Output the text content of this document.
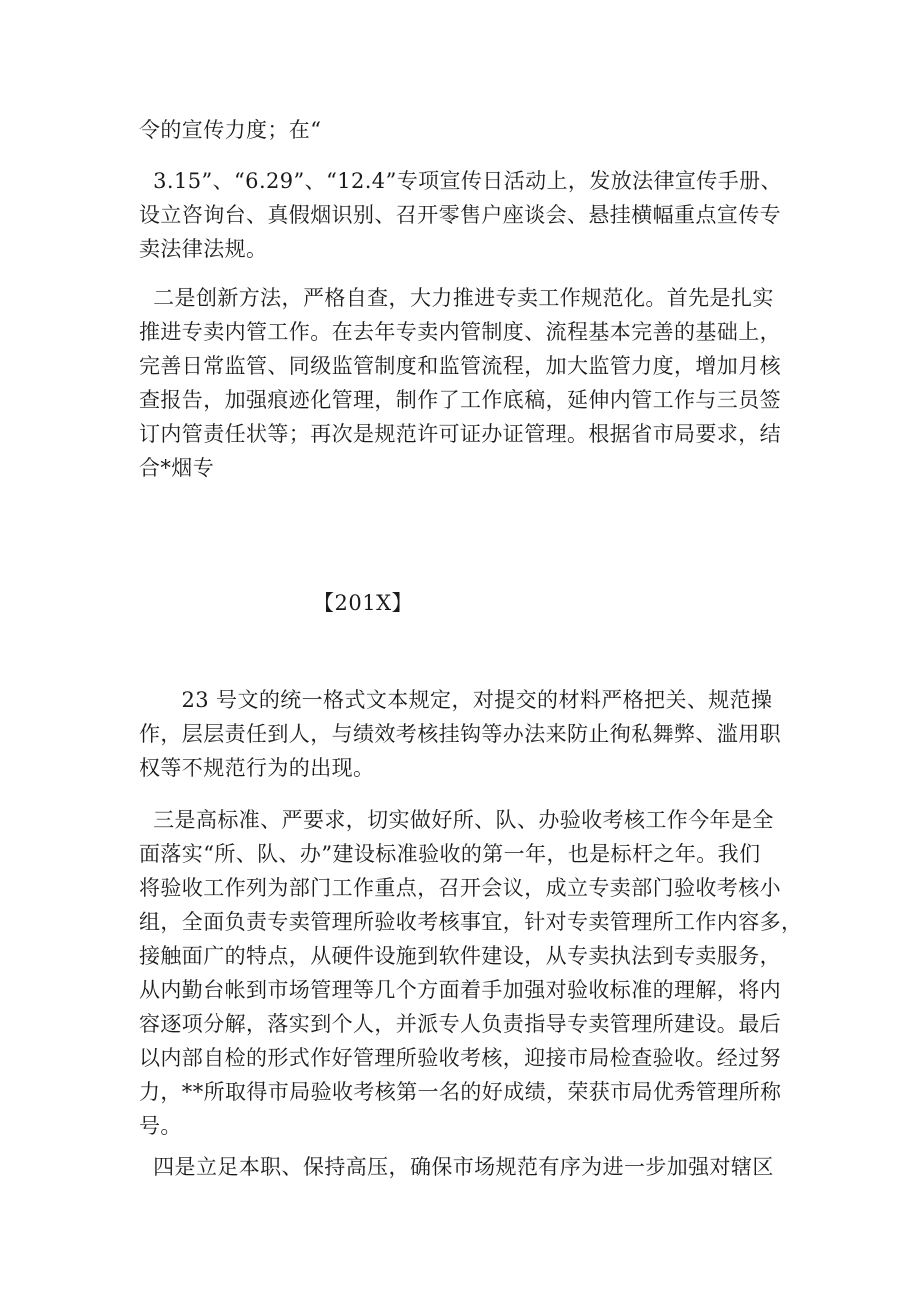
令的宣传力度；在“

3.15”、“6.29”、“12.4”专项宣传日活动上，发放法律宣传手册、
设立咨询台、真假烟识别、召开零售户座谈会、悬挂横幅重点宣传专
卖法律法规。

二是创新方法，严格自查，大力推进专卖工作规范化。首先是扎实
推进专卖内管工作。在去年专卖内管制度、流程基本完善的基础上，
完善日常监管、同级监管制度和监管流程，加大监管力度，增加月核
查报告，加强痕迹化管理，制作了工作底稿，延伸内管工作与三员签
订内管责任状等；再次是规范许可证办证管理。根据省市局要求，结
合*烟专

【201X】

23 号文的统一格式文本规定，对提交的材料严格把关、规范操
作，层层责任到人，与绩效考核挂钩等办法来防止徇私舞弊、滥用职
权等不规范行为的出现。

三是高标准、严要求，切实做好所、队、办验收考核工作今年是全
面落实“所、队、办”建设标准验收的第一年，也是标杆之年。我们
将验收工作列为部门工作重点，召开会议，成立专卖部门验收考核小
组，全面负责专卖管理所验收考核事宜，针对专卖管理所工作内容多，
接触面广的特点，从硬件设施到软件建设，从专卖执法到专卖服务，
从内勤台帐到市场管理等几个方面着手加强对验收标准的理解，将内
容逐项分解，落实到个人，并派专人负责指导专卖管理所建设。最后
以内部自检的形式作好管理所验收考核，迎接市局检查验收。经过努
力，**所取得市局验收考核第一名的好成绩，荣获市局优秀管理所称
号。

四是立足本职、保持高压，确保市场规范有序为进一步加强对辖区
